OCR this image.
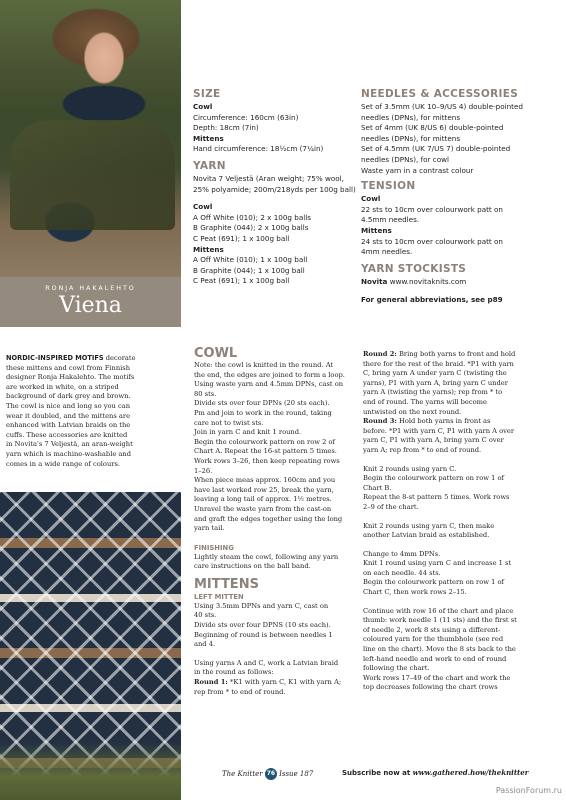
RONJA HAKALEHTO
Viena
SIZE
Cowl
Circumference: 160cm (63in)
Depth: 18cm (7in)
Mittens
Hand circumference: 18½cm (7¼in)
YARN
Novita 7 Veljestä (Aran weight; 75% wool,
25% polyamide; 200m/218yds per 100g ball)
Cowl
A Off White (010); 2 x 100g balls
B Graphite (044); 2 x 100g balls
C Peat (691); 1 x 100g ball
Mittens
A Off White (010); 1 x 100g ball
B Graphite (044); 1 x 100g ball
C Peat (691); 1 x 100g ball
NEEDLES & ACCESSORIES
Set of 3.5mm (UK 10–9/US 4) double-pointed
needles (DPNs), for mittens
Set of 4mm (UK 8/US 6) double-pointed
needles (DPNs), for mittens
Set of 4.5mm (UK 7/US 7) double-pointed
needles (DPNs), for cowl
Waste yarn in a contrast colour
TENSION
Cowl
22 sts to 10cm over colourwork patt on
4.5mm needles.
Mittens
24 sts to 10cm over colourwork patt on
4mm needles.
YARN STOCKISTS
Novita www.novitaknits.com
For general abbreviations, see p89
NORDIC-INSPIRED MOTIFS decorate
these mittens and cowl from Finnish
designer Ronja Hakalehto. The motifs
are worked in white, on a striped
background of dark grey and brown.
The cowl is nice and long so you can
wear it doubled, and the mittens are
enhanced with Latvian braids on the
cuffs. These accessories are knitted
in Novita's 7 Veljestä, an aran-weight
yarn which is machine-washable and
comes in a wide range of colours.
COWL
Note: the cowl is knitted in the round. At
the end, the edges are joined to form a loop.
Using waste yarn and 4.5mm DPNs, cast on
80 sts.
Divide sts over four DPNs (20 sts each).
Pm and join to work in the round, taking
care not to twist sts.
Join in yarn C and knit 1 round.
Begin the colourwork pattern on row 2 of
Chart A. Repeat the 16-st pattern 5 times.
Work rows 3–26, then keep repeating rows
1–26.
When piece meas approx. 160cm and you
have last worked row 25, break the yarn,
leaving a long tail of approx. 1½ metres.
Unravel the waste yarn from the cast-on
and graft the edges together using the long
yarn tail.
FINISHING
Lightly steam the cowl, following any yarn
care instructions on the ball band.
MITTENS
LEFT MITTEN
Using 3.5mm DPNs and yarn C, cast on
40 sts.
Divide sts over four DPNS (10 sts each).
Beginning of round is between needles 1
and 4.
Using yarns A and C, work a Latvian braid
in the round as follows:
Round 1: *K1 with yarn C, K1 with yarn A;
rep from * to end of round.
Round 2: Bring both yarns to front and hold
there for the rest of the braid. *P1 with yarn
C, bring yarn A under yarn C (twisting the
yarns), P1 with yarn A, bring yarn C under
yarn A (twisting the yarns); rep from * to
end of round. The yarns will become
untwisted on the next round.
Round 3: Hold both yarns in front as
before. *P1 with yarn C, P1 with yarn A over
yarn C, P1 with yarn A, bring yarn C over
yarn A; rep from * to end of round.
Knit 2 rounds using yarn C.
Begin the colourwork pattern on row 1 of
Chart B.
Repeat the 8-st pattern 5 times. Work rows
2–9 of the chart.
Knit 2 rounds using yarn C, then make
another Latvian braid as established.
Change to 4mm DPNs.
Knit 1 round using yarn C and increase 1 st
on each needle. 44 sts.
Begin the colourwork pattern on row 1 of
Chart C, then work rows 2–15.
Continue with row 16 of the chart and place
thumb: work needle 1 (11 sts) and the first st
of needle 2, work 8 sts using a different-
coloured yarn for the thumbhole (see red
line on the chart). Move the 8 sts back to the
left-hand needle and work to end of round
following the chart.
Work rows 17–49 of the chart and work the
top decreases following the chart (rows
The Knitter 76 Issue 187	Subscribe now at www.gathered.how/theknitter
PassionForum.ru
